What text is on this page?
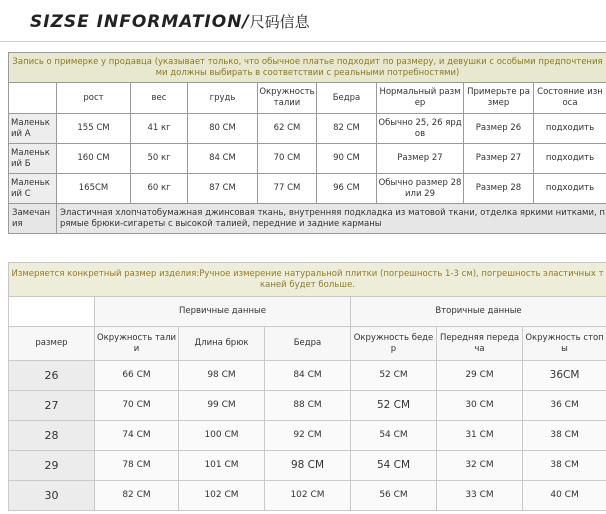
SIZSE INFORMATION/尺码信息
Запись о примерке у продавца (указывает только, что обычное платье подходит по размеру, и девушки с особыми предпочтениями должны выбирать в соответствии с реальными потребностями)								
	рост	вес	грудь	Окружность талии	Бедра	Нормальный размер	Примерьте размер	Состояние износа
Маленький А	155 CM	41 кг	80 CM	62 CM	82 CM	Обычно 25, 26 ярдов	Размер 26	подходить
Маленький Б	160 CM	50 кг	84 CM	70 CM	90 CM	Размер 27	Размер 27	подходить
Маленький С	165CM	60 кг	87 CM	77 CM	96 CM	Обычно размер 28 или 29	Размер 28	подходить
Замечания	Эластичная хлопчатобумажная джинсовая ткань, внутренняя подкладка из матовой ткани, отделка яркими нитками, прямые брюки-сигареты с высокой талией, передние и задние карманы							
Измеряется конкретный размер изделия:Ручное измерение натуральной плитки (погрешность 1-3 см), погрешность эластичных тканей будет больше.						
	Первичные данные			Вторичные данные		
размер	Окружность талии	Длина брюк	Бедра	Окружность бедер	Передняя передача	Окружность стопы
26	66 CM	98 CM	84 CM	52 CM	29 CM	36CM
27	70 CM	99 CM	88 CM	52 CM	30 CM	36 CM
28	74 CM	100 CM	92 CM	54 CM	31 CM	38 CM
29	78 CM	101 CM	98 CM	54 CM	32 CM	38 CM
30	82 CM	102 CM	102 CM	56 CM	33 CM	40 CM
